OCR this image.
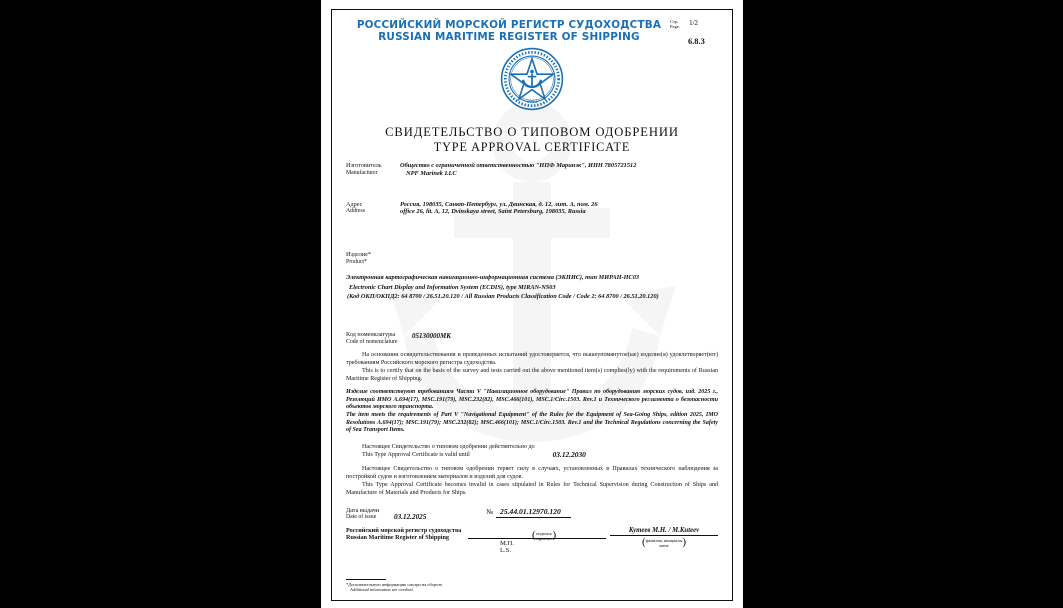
РОССИЙСКИЙ МОРСКОЙ РЕГИСТР СУДОХОДСТВА
RUSSIAN MARITIME REGISTER OF SHIPPING
Стр.
Page. 1/2
6.8.3
1913
СВИДЕТЕЛЬСТВО О ТИПОВОМ ОДОБРЕНИИ
TYPE APPROVAL CERTIFICATE
Изготовитель
Manufacturer
Общество с ограниченной ответственностью "НПФ Маринэк", ИНН 7805721512
NPF Marinek LLC
Адрес
Address
Россия, 198035, Санкт-Петербург, ул. Двинская, д. 12, лит. А, пом. 26
office 26, lit. A, 12, Dvinskaya street, Saint Petersburg, 198035, Russia
Изделие*
Product*
Электронная картографическая навигационно-информационная система (ЭКНИС), тип МИРАН-НС03
Electronic Chart Display and Information System (ECDIS), type MIRAN-NS03
(Код ОКП/ОКПД2: 64 8700 / 26.51.20.120 / All Russian Products Classification Code / Code 2: 64 8700 / 26.51.20.120)
Код номенклатуры
Code of nomenclature
05130000МК
На основании освидетельствования и проведенных испытаний удостоверяется, что вышеупомянутое(ые) изделие(я) удовлетворяет(ют) требованиям Российского морского регистра судоходства.
This is to certify that on the basis of the survey and tests carried out the above mentioned item(s) complies(ly) with the requirements of Russian Maritime Register of Shipping.
Изделие соответствуют требованиям Части V "Навигационное оборудование" Правил по оборудованию морских судов, изд. 2025 г., Резолюций ИМО A.694(17), MSC.191(79), MSC.232(82), MSC.466(101), MSC.1/Circ.1503. Rev.1 и Технического регламента о безопасности объектов морского транспорта.
The item meets the requirements of Part V "Navigational Equipment" of the Rules for the Equipment of Sea-Going Ships, edition 2025, IMO Resolutions A.694(17); MSC.191(79); MSC.232(82); MSC.466(101); MSC.1/Circ.1503. Rev.1 and the Technical Regulations concerning the Safety of Sea Transport Items.
Настоящее Свидетельство о типовом одобрении действительно до
This Type Approval Certificate is valid until	03.12.2030
Настоящее Свидетельство о типовом одобрении теряет силу в случаях, установленных в Правилах технического наблюдения за постройкой судов и изготовлением материалов и изделий для судов.
This Type Approval Certificate becomes invalid in cases stipulated in Rules for Technical Supervision during Construction of Ships and Manufacture of Materials and Products for Ships.
Дата выдачи
Date of issue	03.12.2025
№ 25.44.01.12970.120
Российский морской регистр судоходства
Russian Maritime Register of Shipping
М.П.
L.S.
( подпись
signature )	Кутеев М.Н. / M.Kuteev
( фамилия, инициалы
name	)
*Дополнительную информацию смотри на обороте.
Additional information see overleaf.
